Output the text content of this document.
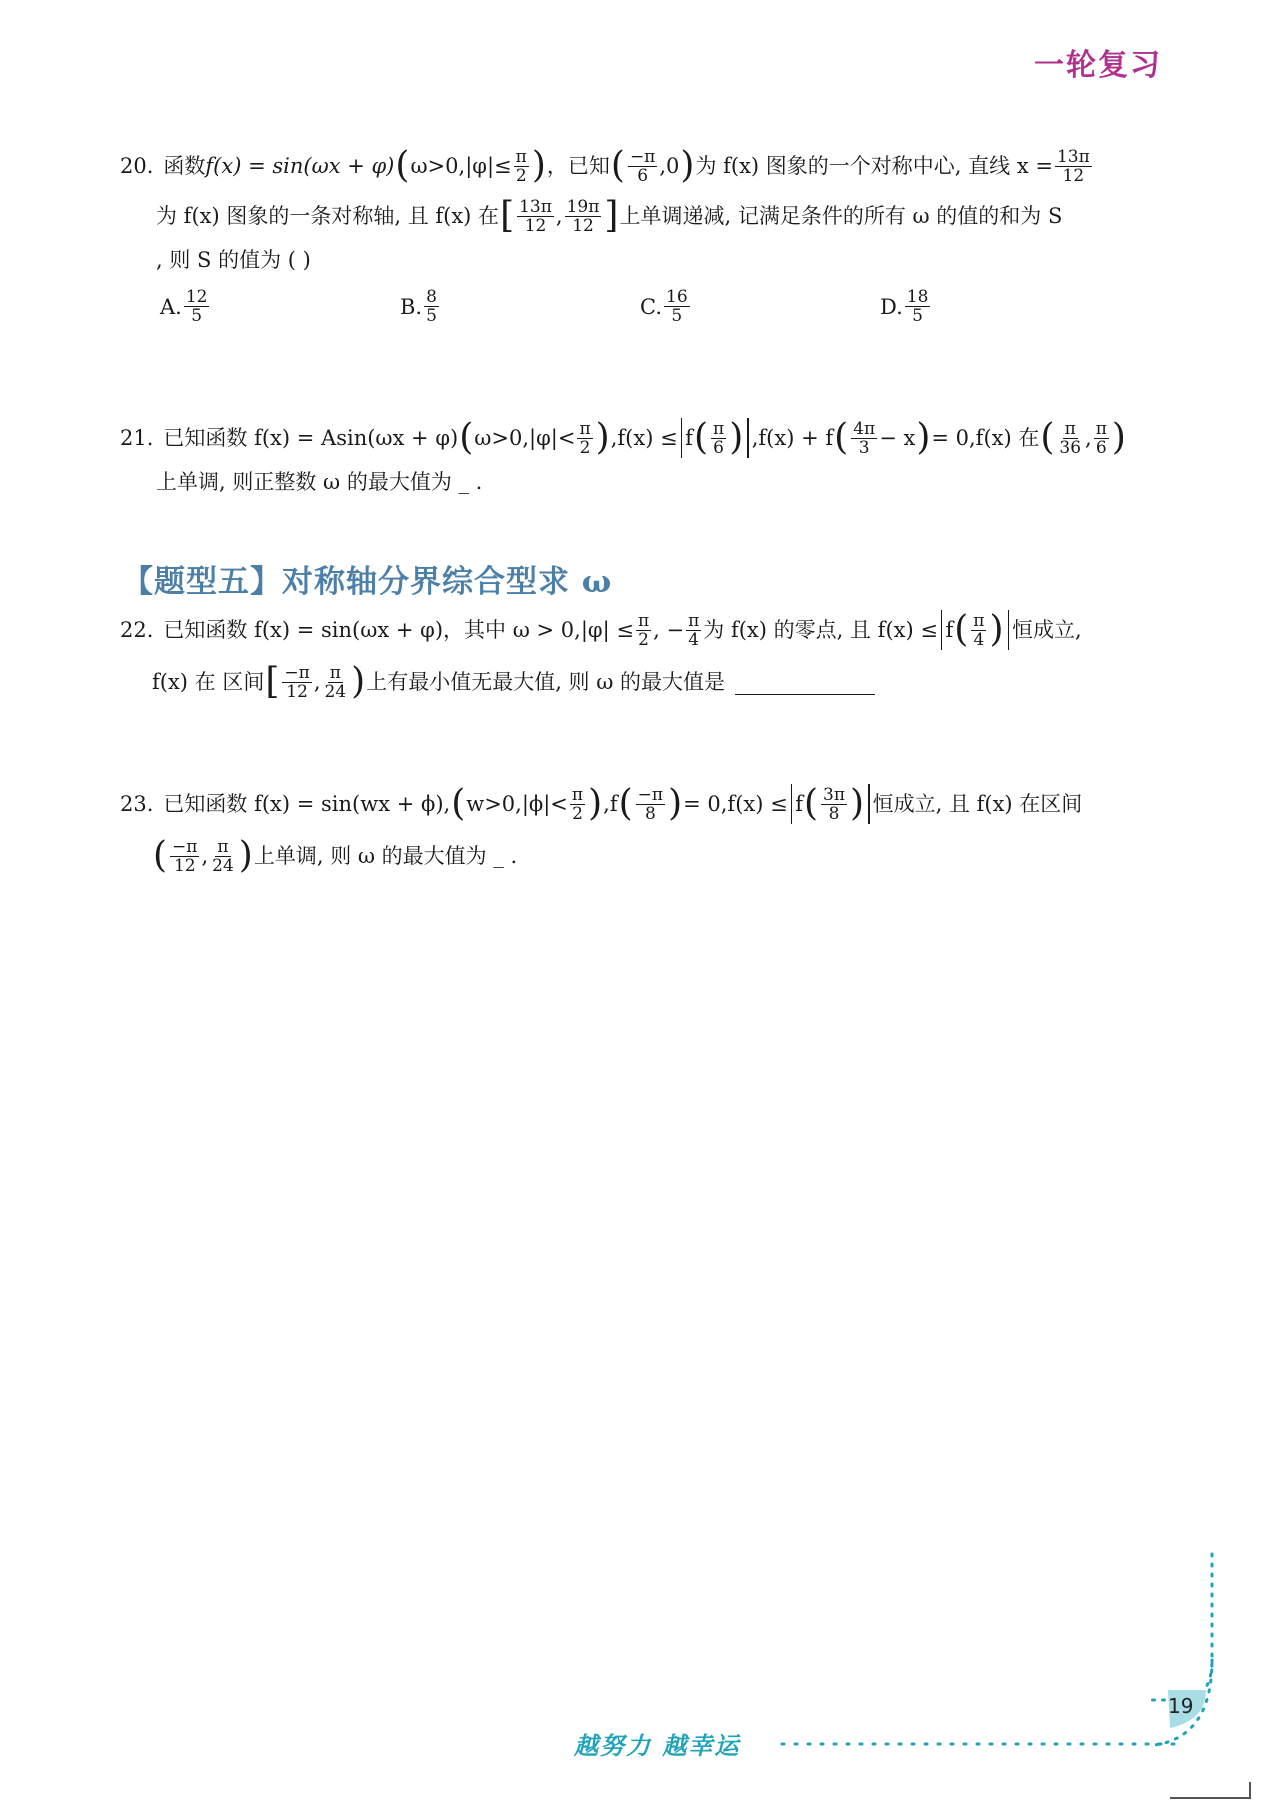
一轮复习
20. 函数 f(x) = sin(ωx + φ) ( $\omega>0,|\varphi|\le \frac{\pi}{2}$ ) ，已知 ( $\frac{-\pi}{6} ,0$ ) 为 f(x) 图象的一个对称中心, 直线 $x = \frac{13\pi}{12}$
为 f(x) 图象的一条对称轴, 且 f(x) 在 [ $\frac{13\pi}{12}$ , $\frac{19\pi}{12}$ ] 上单调递减, 记满足条件的所有 ω 的值的和为 S
, 则 S 的值为 ( )
A. $\frac{12}{5}$	B. $\frac{8}{5}$	C. $\frac{16}{5}$	D. $\frac{18}{5}$
21. 已知函数 f(x) = Asin(ωx + φ) ( $\omega>0,|\varphi|< \frac{\pi}{2}$ ) ,f(x) ≤ f ( $\frac{\pi}{6}$ ) ,f(x) + f ( $\frac{4\pi}{3} - x$ ) = 0,f(x) 在 ( $\frac{\pi}{36}$ , $\frac{\pi}{6}$ )
上单调, 则正整数 ω 的最大值为 _ .
【题型五】对称轴分界综合型求 ω
22. 已知函数 f(x) = sin(ωx + φ)，其中 $\omega > 0,|\varphi| \le \frac{\pi}{2}$ , − $\frac{\pi}{4}$ 为 f(x) 的零点, 且 f(x) ≤ f ( $\frac{\pi}{4}$ ) 恒成立,
f(x) 在 区间 [ $\frac{-\pi}{12}$ , $\frac{\pi}{24}$ ) 上有最小值无最大值, 则 ω 的最大值是
23. 已知函数 f(x) = sin(wx + ϕ), ( $w>0,|\phi|< \frac{\pi}{2}$ ) ,f ( $\frac{-\pi}{8}$ ) = 0,f(x) ≤ f ( $\frac{3\pi}{8}$ ) 恒成立, 且 f(x) 在区间
( $\frac{-\pi}{12}$ , $\frac{\pi}{24}$ ) 上单调, 则 ω 的最大值为 _ .
19
越努力 越幸运
